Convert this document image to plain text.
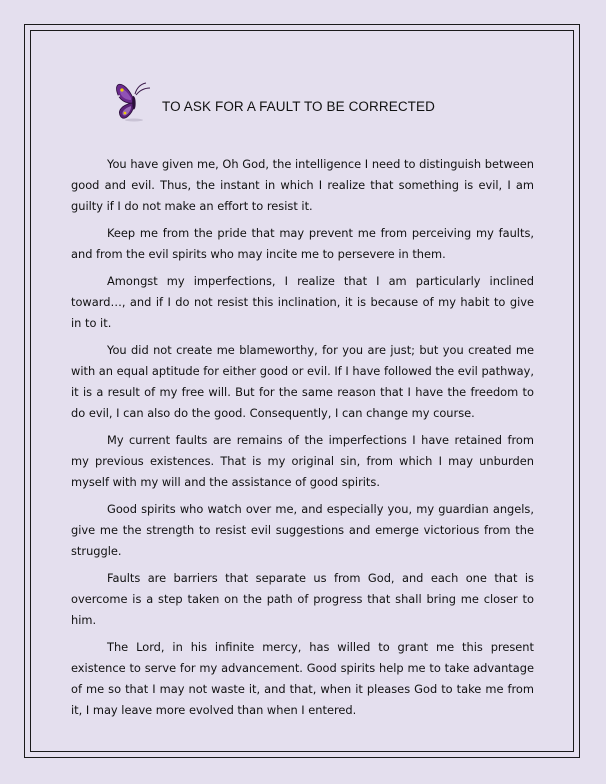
TO ASK FOR A FAULT TO BE CORRECTED

You have given me, Oh God, the intelligence I need to distinguish between good and evil. Thus, the instant in which I realize that something is evil, I am guilty if I do not make an effort to resist it.

Keep me from the pride that may prevent me from perceiving my faults, and from the evil spirits who may incite me to persevere in them.

Amongst my imperfections, I realize that I am particularly inclined toward…, and if I do not resist this inclination, it is because of my habit to give in to it.

You did not create me blameworthy, for you are just; but you created me with an equal aptitude for either good or evil. If I have followed the evil pathway, it is a result of my free will. But for the same reason that I have the freedom to do evil, I can also do the good. Consequently, I can change my course.

My current faults are remains of the imperfections I have retained from my previous existences. That is my original sin, from which I may unburden myself with my will and the assistance of good spirits.

Good spirits who watch over me, and especially you, my guardian angels, give me the strength to resist evil suggestions and emerge victorious from the struggle.

Faults are barriers that separate us from God, and each one that is overcome is a step taken on the path of progress that shall bring me closer to him.

The Lord, in his infinite mercy, has willed to grant me this present existence to serve for my advancement. Good spirits help me to take advantage of me so that I may not waste it, and that, when it pleases God to take me from it, I may leave more evolved than when I entered.
